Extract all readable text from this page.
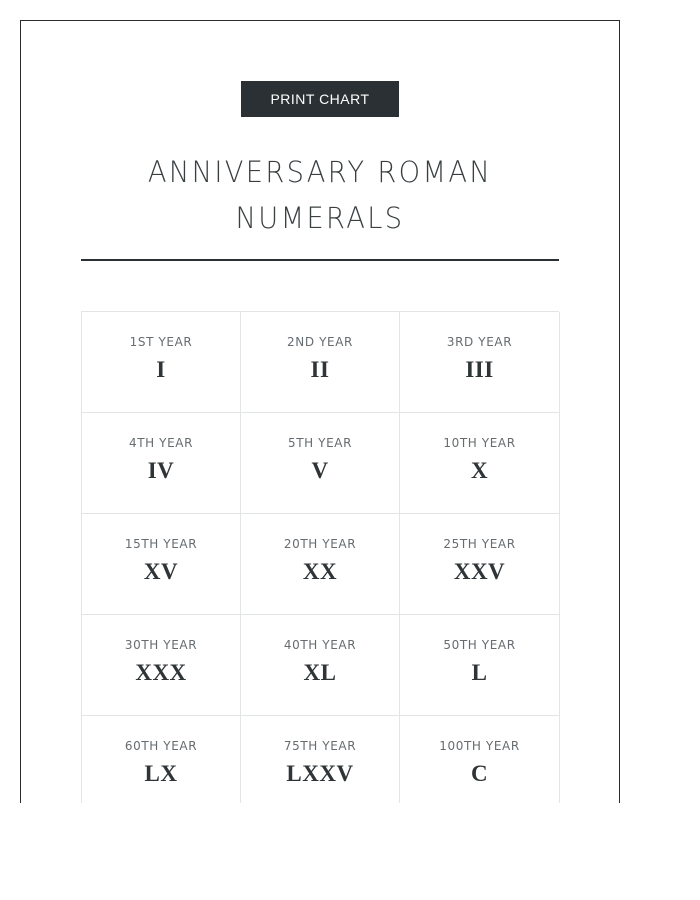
PRINT CHART
ANNIVERSARY ROMAN NUMERALS
1ST YEAR
I
2ND YEAR
II
3RD YEAR
III
4TH YEAR
IV
5TH YEAR
V
10TH YEAR
X
15TH YEAR
XV
20TH YEAR
XX
25TH YEAR
XXV
30TH YEAR
XXX
40TH YEAR
XL
50TH YEAR
L
60TH YEAR
LX
75TH YEAR
LXXV
100TH YEAR
C
